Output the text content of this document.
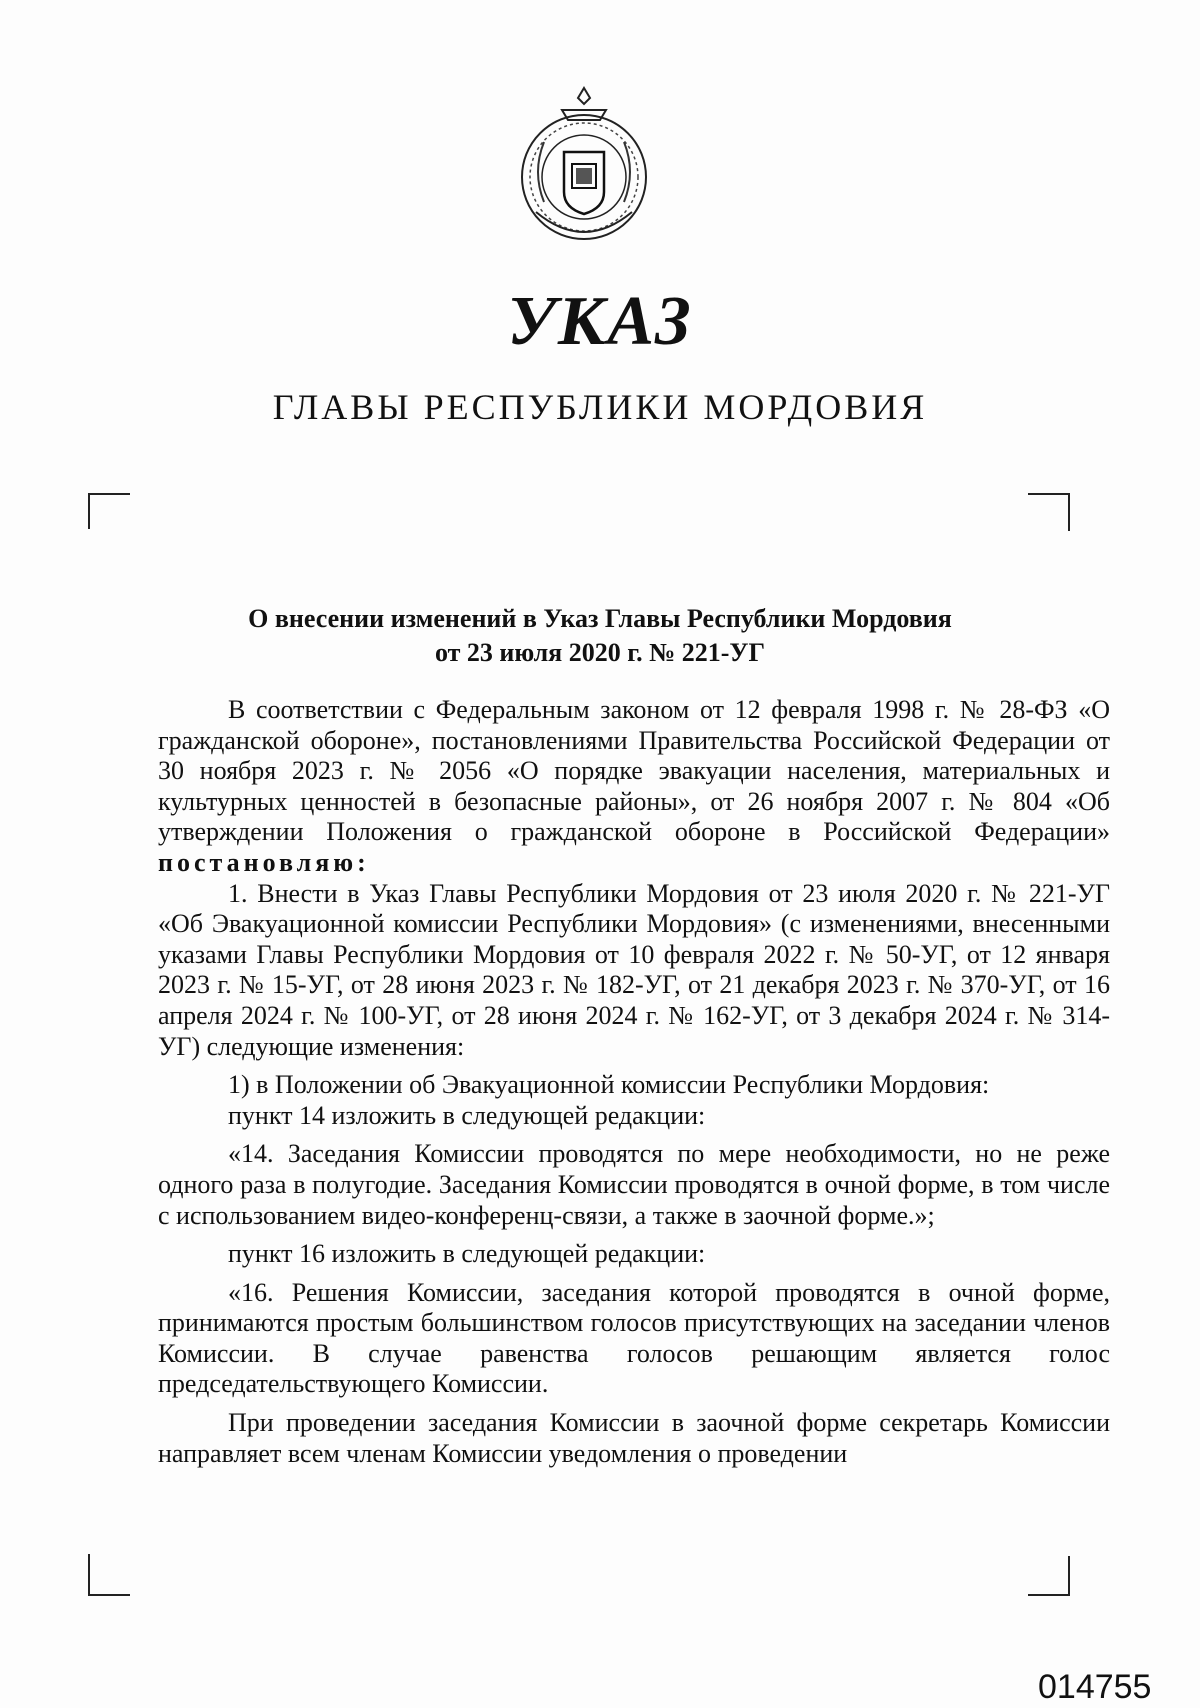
УКАЗ
ГЛАВЫ РЕСПУБЛИКИ МОРДОВИЯ
О внесении изменений в Указ Главы Республики Мордовия
от 23 июля 2020 г. № 221-УГ

В соответствии с Федеральным законом от 12 февраля 1998 г. № 28-ФЗ «О гражданской обороне», постановлениями Правительства Российской Федерации от 30 ноября 2023 г. № 2056 «О порядке эвакуации населения, материальных и культурных ценностей в безопасные районы», от 26 ноября 2007 г. № 804 «Об утверждении Положения о гражданской обороне в Российской Федерации» постановляю:

1. Внести в Указ Главы Республики Мордовия от 23 июля 2020 г. № 221-УГ «Об Эвакуационной комиссии Республики Мордовия» (с изменениями, внесенными указами Главы Республики Мордовия от 10 февраля 2022 г. № 50-УГ, от 12 января 2023 г. № 15-УГ, от 28 июня 2023 г. № 182-УГ, от 21 декабря 2023 г. № 370-УГ, от 16 апреля 2024 г. № 100-УГ, от 28 июня 2024 г. № 162-УГ, от 3 декабря 2024 г. № 314-УГ) следующие изменения:

1) в Положении об Эвакуационной комиссии Республики Мордовия:

пункт 14 изложить в следующей редакции:

«14. Заседания Комиссии проводятся по мере необходимости, но не реже одного раза в полугодие. Заседания Комиссии проводятся в очной форме, в том числе с использованием видео-конференц-связи, а также в заочной форме.»;

пункт 16 изложить в следующей редакции:

«16. Решения Комиссии, заседания которой проводятся в очной форме, принимаются простым большинством голосов присутствующих на заседании членов Комиссии. В случае равенства голосов решающим является голос председательствующего Комиссии.

При проведении заседания Комиссии в заочной форме секретарь Комиссии направляет всем членам Комиссии уведомления о проведении

014755
